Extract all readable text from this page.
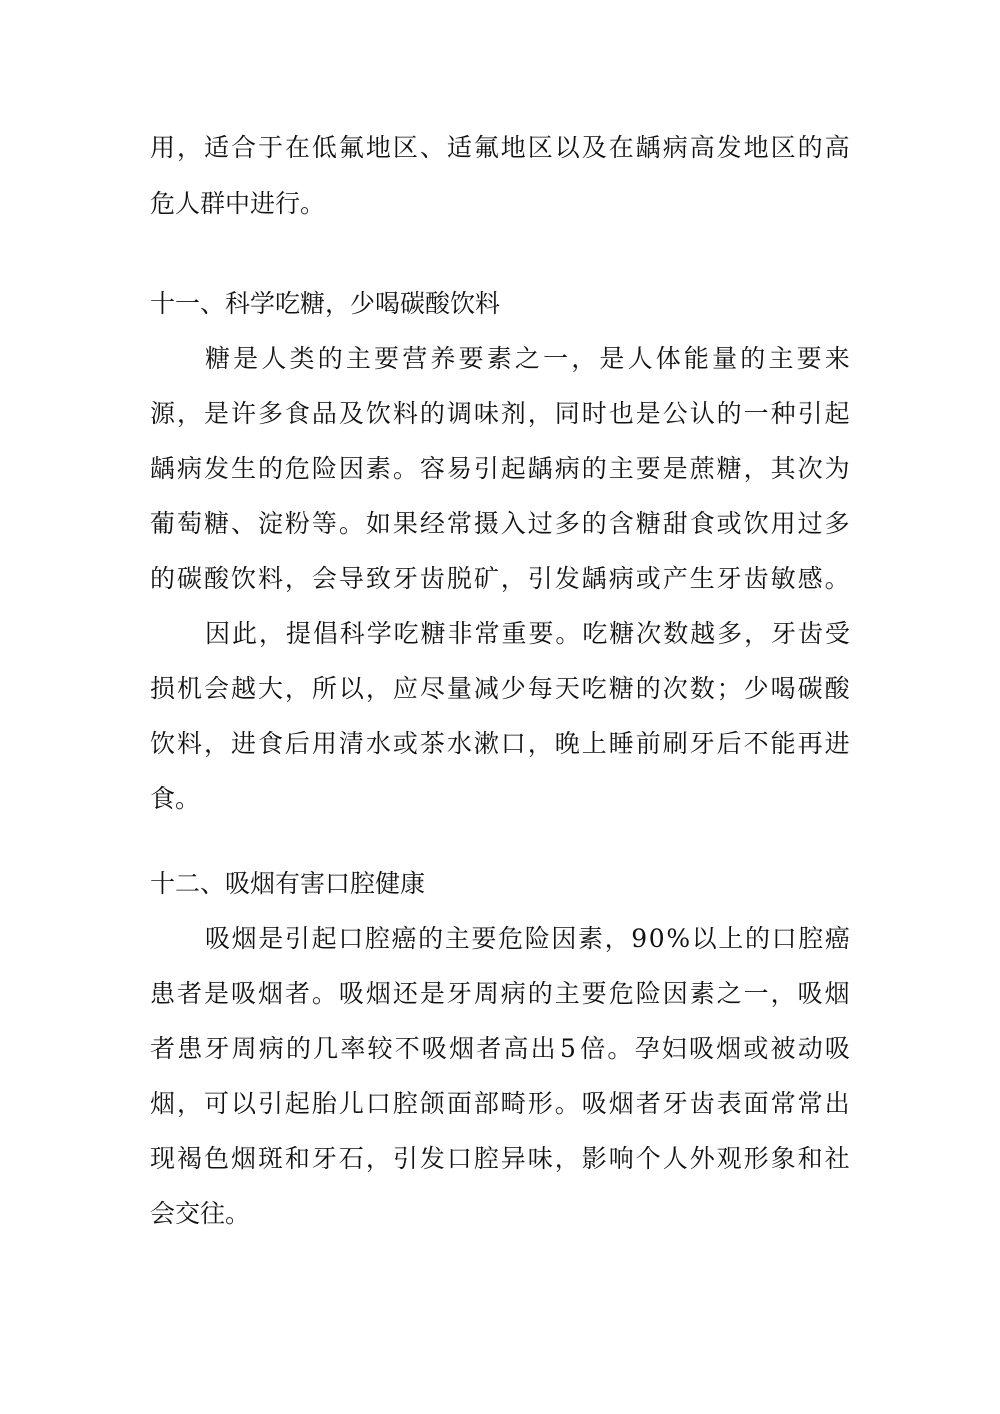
用 ， 适 合 于 在 低 氟 地 区 、 适 氟 地 区 以 及 在 龋 病 高 发 地 区 的 高
危人群中进行。
十一、科学吃糖，少喝碳酸饮料
糖 是 人 类 的 主 要 营 养 要 素 之 一 ， 是 人 体 能 量 的 主 要 来
源 ， 是 许 多 食 品 及 饮 料 的 调 味 剂 ， 同 时 也 是 公 认 的 一 种 引 起
龋 病 发 生 的 危 险 因 素 。 容 易 引 起 龋 病 的 主 要 是 蔗 糖 ， 其 次 为
葡 萄 糖 、 淀 粉 等 。 如 果 经 常 摄 入 过 多 的 含 糖 甜 食 或 饮 用 过 多
的 碳 酸 饮 料 ， 会 导 致 牙 齿 脱 矿 ， 引 发 龋 病 或 产 生 牙 齿 敏 感 。
因 此 ， 提 倡 科 学 吃 糖 非 常 重 要 。 吃 糖 次 数 越 多 ， 牙 齿 受
损 机 会 越 大 ， 所 以 ， 应 尽 量 减 少 每 天 吃 糖 的 次 数 ； 少 喝 碳 酸
饮 料 ， 进 食 后 用 清 水 或 茶 水 漱 口 ， 晚 上 睡 前 刷 牙 后 不 能 再 进
食。
十二、吸烟有害口腔健康
吸 烟 是 引 起 口 腔 癌 的 主 要 危 险 因 素 ， 9 0 % 以 上 的 口 腔 癌
患 者 是 吸 烟 者 。 吸 烟 还 是 牙 周 病 的 主 要 危 险 因 素 之 一 ， 吸 烟
者 患 牙 周 病 的 几 率 较 不 吸 烟 者 高 出 5 倍 。 孕 妇 吸 烟 或 被 动 吸
烟 ， 可 以 引 起 胎 儿 口 腔 颌 面 部 畸 形 。 吸 烟 者 牙 齿 表 面 常 常 出
现 褐 色 烟 斑 和 牙 石 ， 引 发 口 腔 异 味 ， 影 响 个 人 外 观 形 象 和 社
会交往。
